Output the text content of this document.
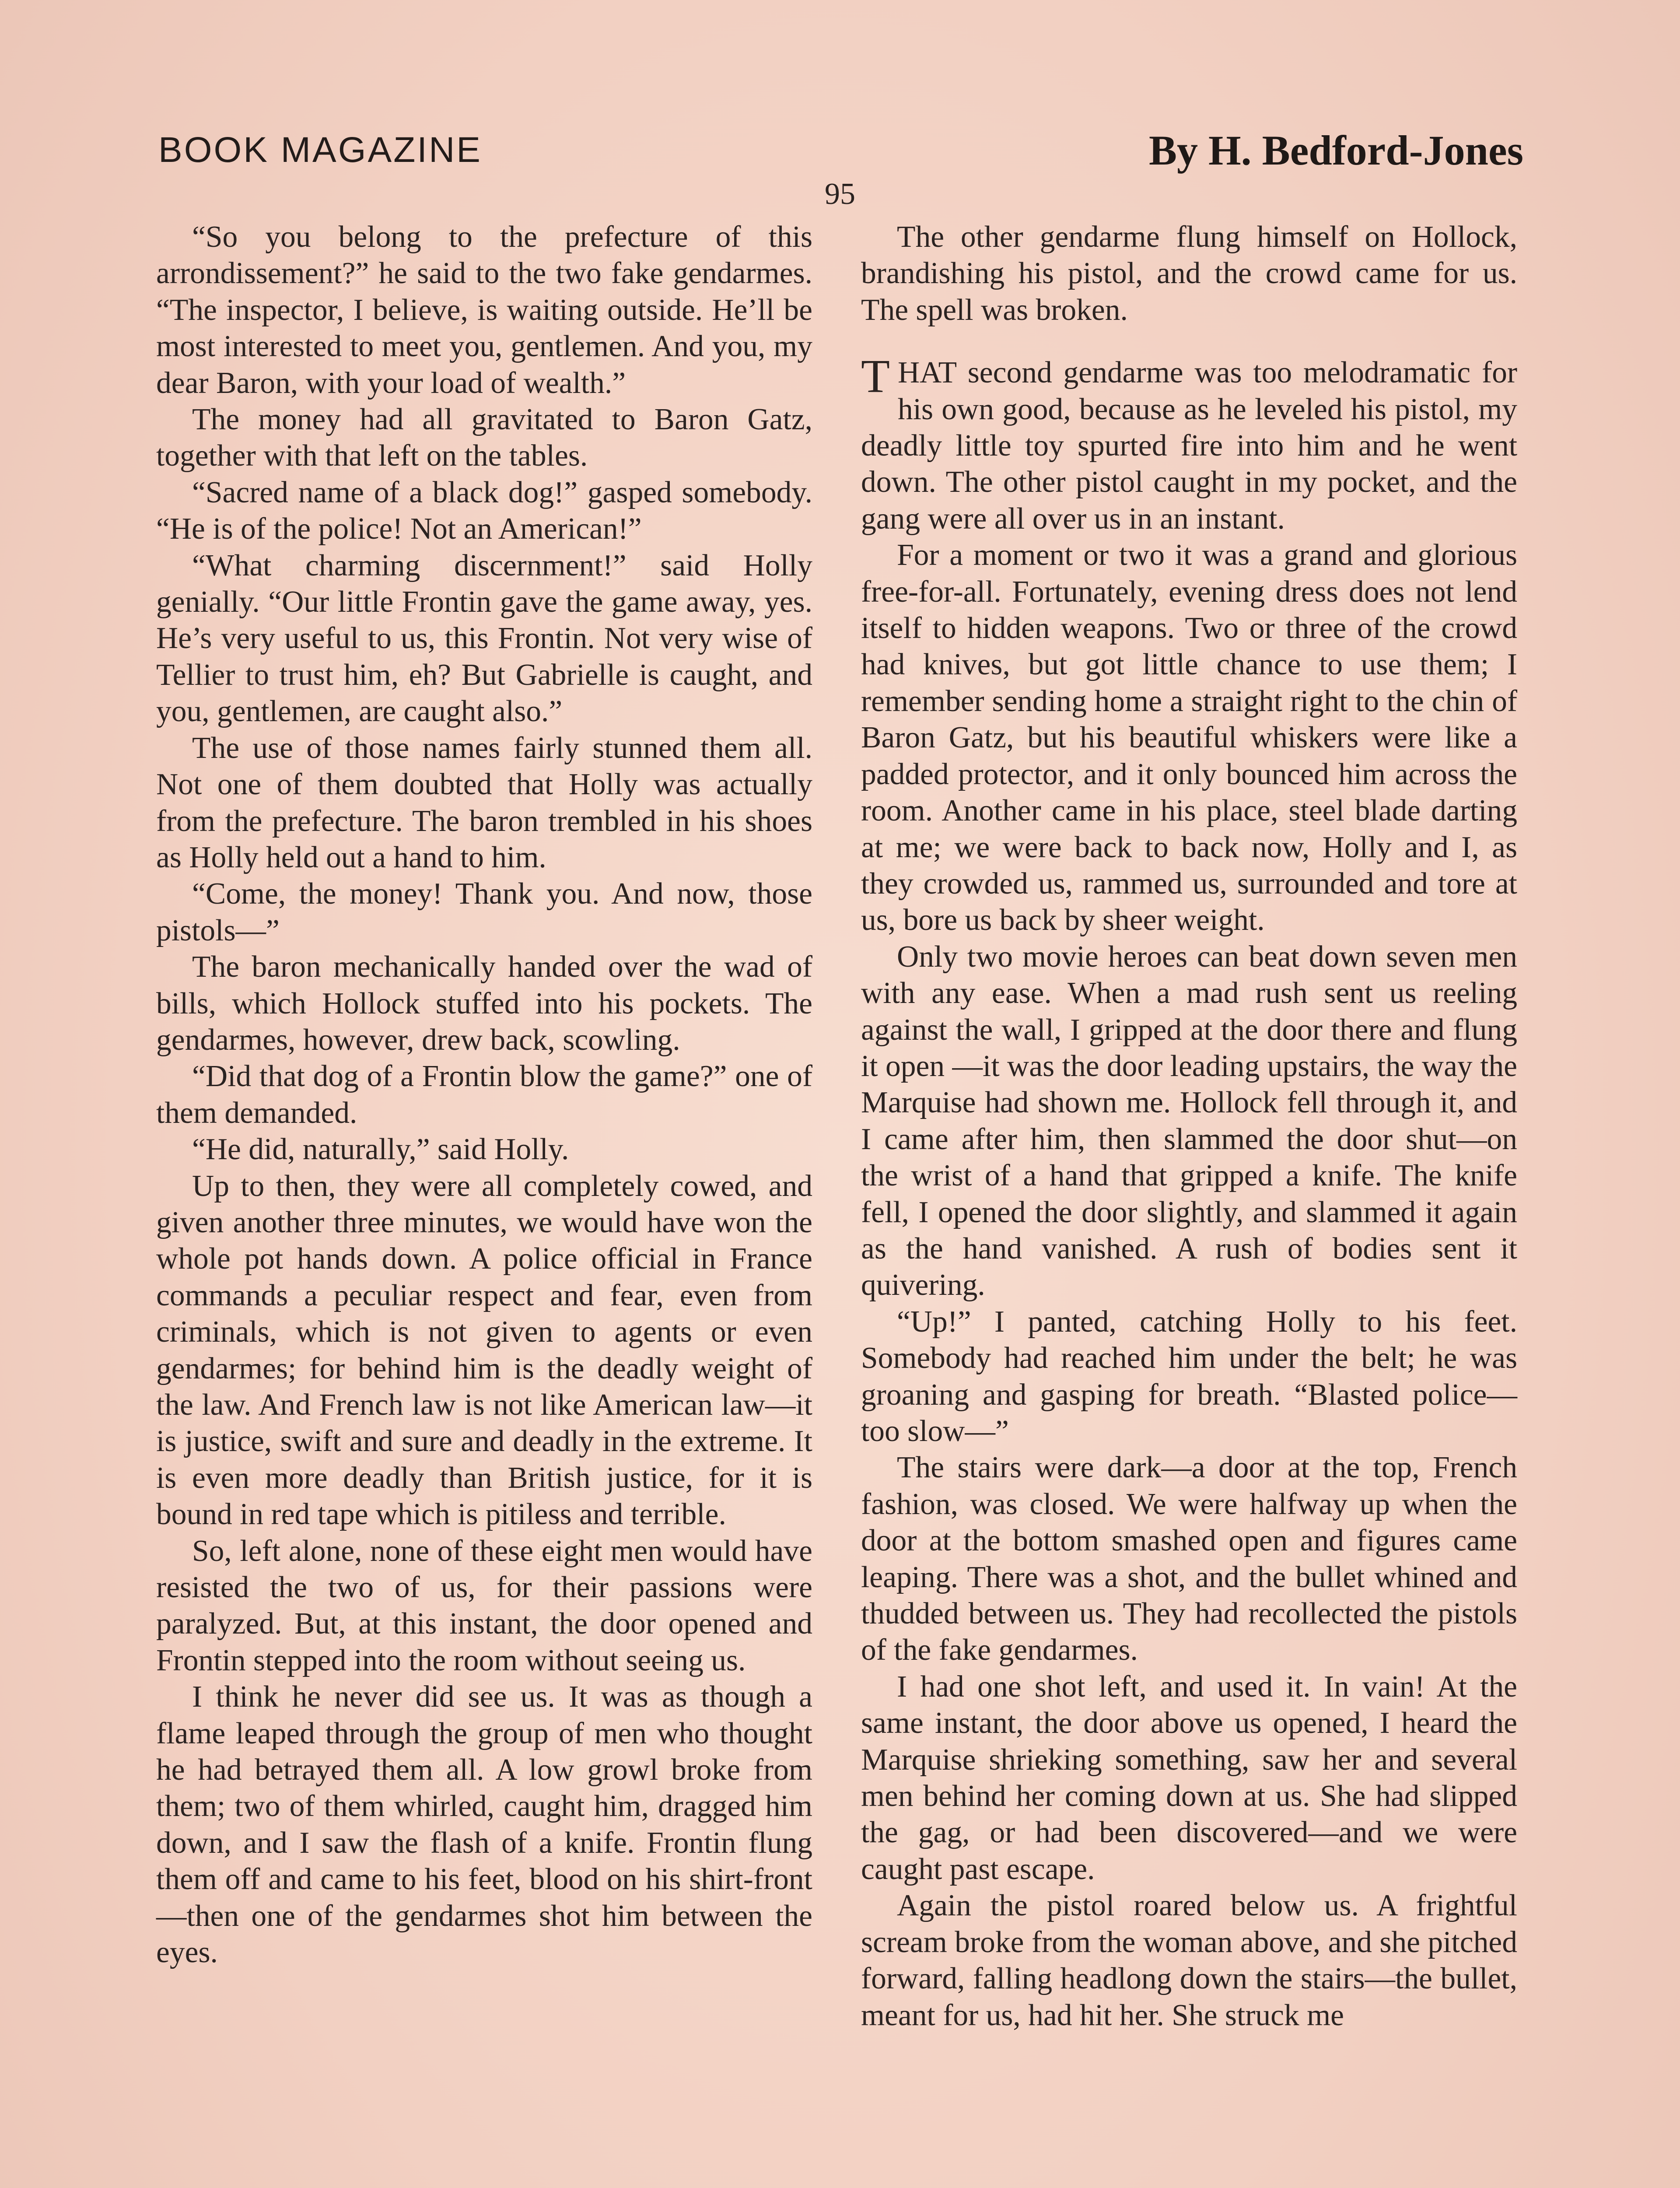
BOOK MAGAZINE	By H. Bedford-Jones
95

“So you belong to the prefecture of this arrondissement?” he said to the two fake gendarmes. “The inspector, I believe, is waiting outside. He’ll be most interested to meet you, gentlemen. And you, my dear Baron, with your load of wealth.”

The money had all gravitated to Baron Gatz, together with that left on the tables.

“Sacred name of a black dog!” gasped somebody. “He is of the police! Not an American!”

“What charming discernment!” said Holly genially. “Our little Frontin gave the game away, yes. He’s very useful to us, this Frontin. Not very wise of Tellier to trust him, eh? But Gabrielle is caught, and you, gentlemen, are caught also.”

The use of those names fairly stunned them all. Not one of them doubted that Holly was actually from the prefecture. The baron trembled in his shoes as Holly held out a hand to him.

“Come, the money! Thank you. And now, those pistols—”

The baron mechanically handed over the wad of bills, which Hollock stuffed into his pockets. The gendarmes, however, drew back, scowling.

“Did that dog of a Frontin blow the game?” one of them demanded.

“He did, naturally,” said Holly.

Up to then, they were all completely cowed, and given another three minutes, we would have won the whole pot hands down. A police official in France commands a peculiar respect and fear, even from criminals, which is not given to agents or even gendarmes; for behind him is the deadly weight of the law. And French law is not like American law—it is justice, swift and sure and deadly in the extreme. It is even more deadly than British justice, for it is bound in red tape which is pitiless and terrible.

So, left alone, none of these eight men would have resisted the two of us, for their passions were paralyzed. But, at this instant, the door opened and Frontin stepped into the room without seeing us.

I think he never did see us. It was as though a flame leaped through the group of men who thought he had betrayed them all. A low growl broke from them; two of them whirled, caught him, dragged him down, and I saw the flash of a knife. Frontin flung them off and came to his feet, blood on his shirt-front—then one of the gendarmes shot him between the eyes.

The other gendarme flung himself on Hollock, brandishing his pistol, and the crowd came for us. The spell was broken.

THAT second gendarme was too melodramatic for his own good, because as he leveled his pistol, my deadly little toy spurted fire into him and he went down. The other pistol caught in my pocket, and the gang were all over us in an instant.

For a moment or two it was a grand and glorious free-for-all. Fortunately, evening dress does not lend itself to hidden weapons. Two or three of the crowd had knives, but got little chance to use them; I remember sending home a straight right to the chin of Baron Gatz, but his beautiful whiskers were like a padded protector, and it only bounced him across the room. Another came in his place, steel blade darting at me; we were back to back now, Holly and I, as they crowded us, rammed us, surrounded and tore at us, bore us back by sheer weight.

Only two movie heroes can beat down seven men with any ease. When a mad rush sent us reeling against the wall, I gripped at the door there and flung it open —it was the door leading upstairs, the way the Marquise had shown me. Hollock fell through it, and I came after him, then slammed the door shut—on the wrist of a hand that gripped a knife. The knife fell, I opened the door slightly, and slammed it again as the hand vanished. A rush of bodies sent it quivering.

“Up!” I panted, catching Holly to his feet. Somebody had reached him under the belt; he was groaning and gasping for breath. “Blasted police—too slow—”

The stairs were dark—a door at the top, French fashion, was closed. We were halfway up when the door at the bottom smashed open and figures came leaping. There was a shot, and the bullet whined and thudded between us. They had recollected the pistols of the fake gendarmes.

I had one shot left, and used it. In vain! At the same instant, the door above us opened, I heard the Marquise shrieking something, saw her and several men behind her coming down at us. She had slipped the gag, or had been discovered—and we were caught past escape.

Again the pistol roared below us. A frightful scream broke from the woman above, and she pitched forward, falling headlong down the stairs—the bullet, meant for us, had hit her. She struck me
